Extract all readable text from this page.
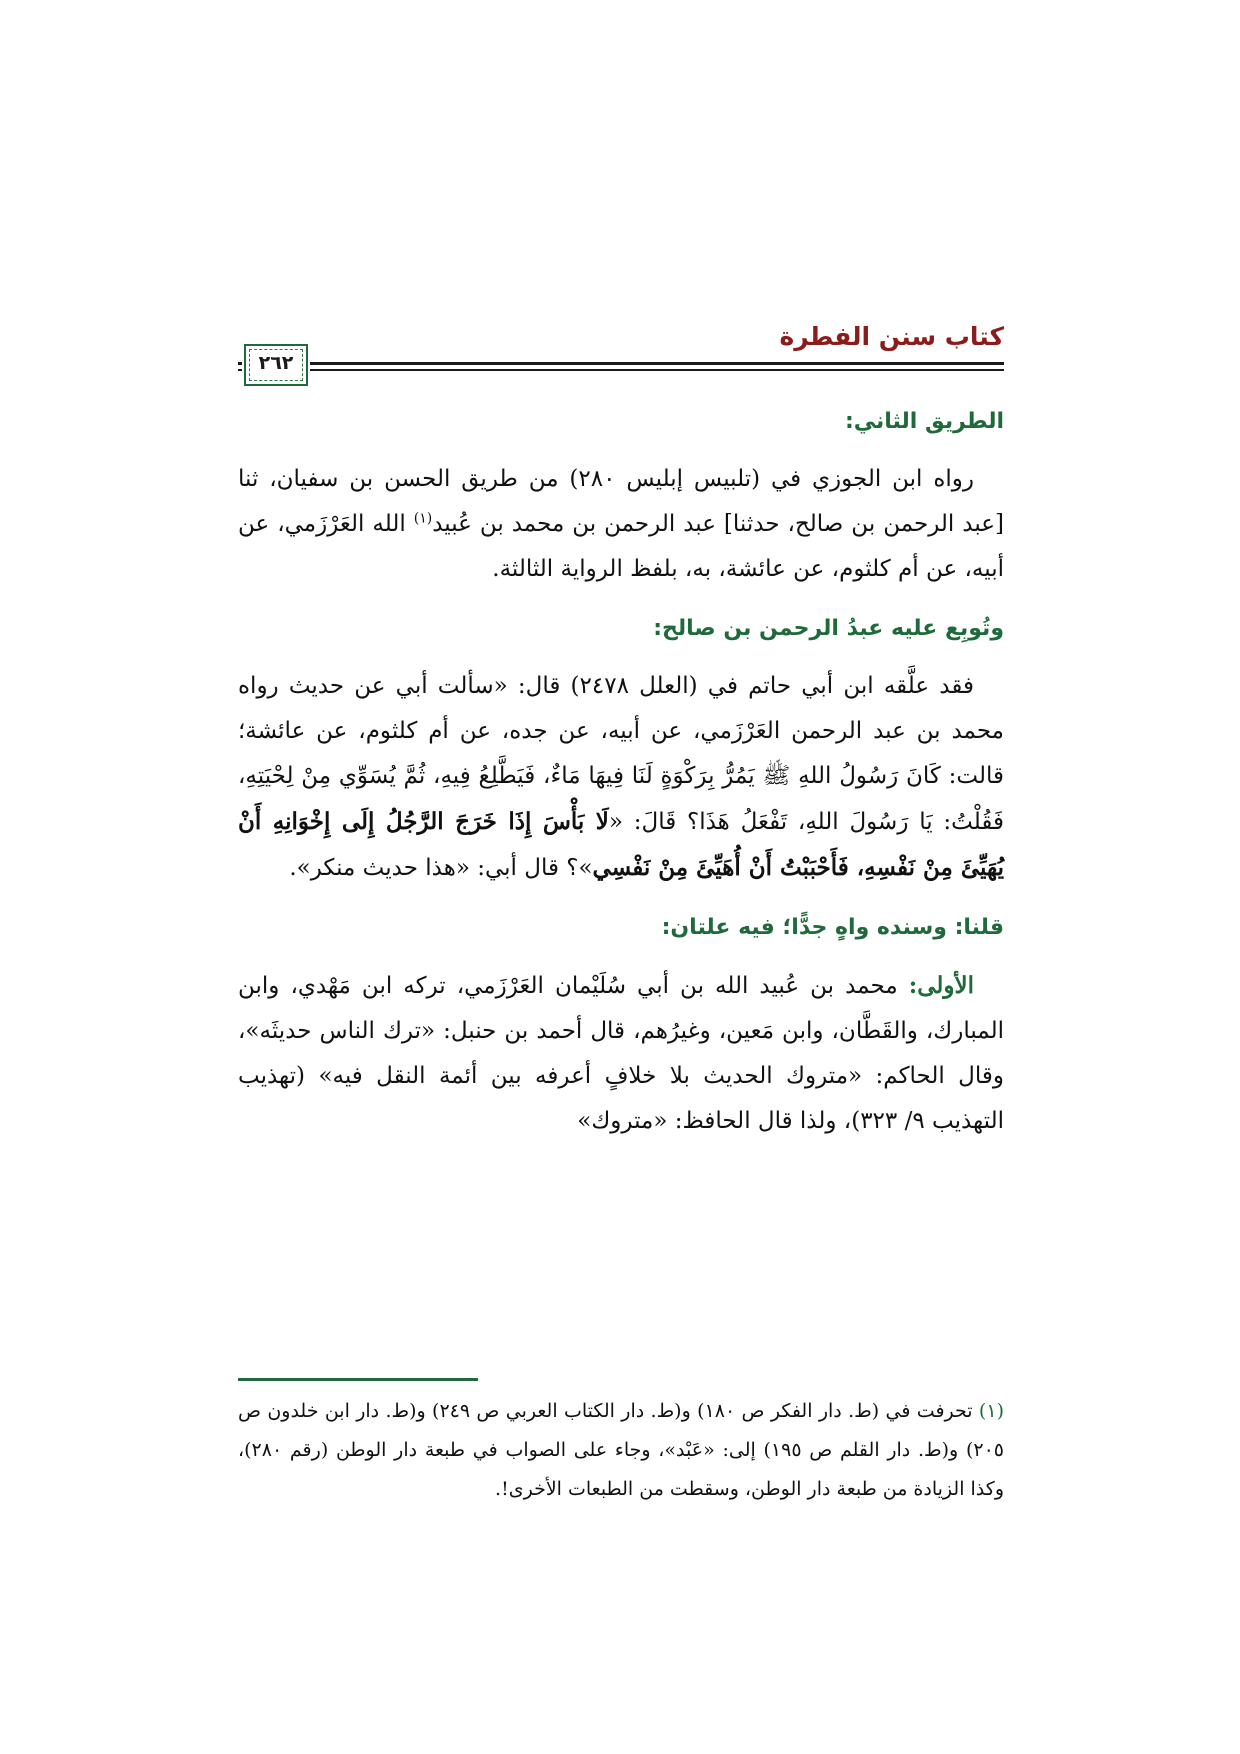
كتاب سنن الفطرة
٢٦٢
الطريق الثاني:

رواه ابن الجوزي في (تلبيس إبليس ٢٨٠) من طريق الحسن بن سفيان، ثنا [عبد الرحمن بن صالح، حدثنا] عبد الرحمن بن محمد بن عُبيد$^{(١)}$ الله العَرْزَمي، عن أبيه، عن أم كلثوم، عن عائشة، به، بلفظ الرواية الثالثة.

وتُوبِع عليه عبدُ الرحمن بن صالح:

فقد علَّقه ابن أبي حاتم في (العلل ٢٤٧٨) قال: «سألت أبي عن حديث رواه محمد بن عبد الرحمن العَرْزَمي، عن أبيه، عن جده، عن أم كلثوم، عن عائشة؛ قالت: كَانَ رَسُولُ اللهِ ﷺ يَمُرُّ بِرَكْوَةٍ لَنَا فِيهَا مَاءٌ، فَيَطَّلِعُ فِيهِ، ثُمَّ يُسَوِّي مِنْ لِحْيَتِهِ، فَقُلْتُ: يَا رَسُولَ اللهِ، تَفْعَلُ هَذَا؟ قَالَ: «لَا بَأْسَ إِذَا خَرَجَ الرَّجُلُ إِلَى إِخْوَانِهِ أَنْ يُهَيِّئَ مِنْ نَفْسِهِ، فَأَحْبَبْتُ أَنْ أُهَيِّئَ مِنْ نَفْسِي»؟ قال أبي: «هذا حديث منكر».

قلنا: وسنده واهٍ جدًّا؛ فيه علتان:

الأولى: محمد بن عُبيد الله بن أبي سُلَيْمان العَرْزَمي، تركه ابن مَهْدي، وابن المبارك، والقَطَّان، وابن مَعين، وغيرُهم، قال أحمد بن حنبل: «ترك الناس حديثَه»، وقال الحاكم: «متروك الحديث بلا خلافٍ أعرفه بين أئمة النقل فيه» (تهذيب التهذيب ٩/ ٣٢٣)، ولذا قال الحافظ: «متروك»

(١) تحرفت في (ط. دار الفكر ص ١٨٠) و(ط. دار الكتاب العربي ص ٢٤٩) و(ط. دار ابن خلدون ص ٢٠٥) و(ط. دار القلم ص ١٩٥) إلى: «عَبْد»، وجاء على الصواب في طبعة دار الوطن (رقم ٢٨٠)، وكذا الزيادة من طبعة دار الوطن، وسقطت من الطبعات الأخرى!.
